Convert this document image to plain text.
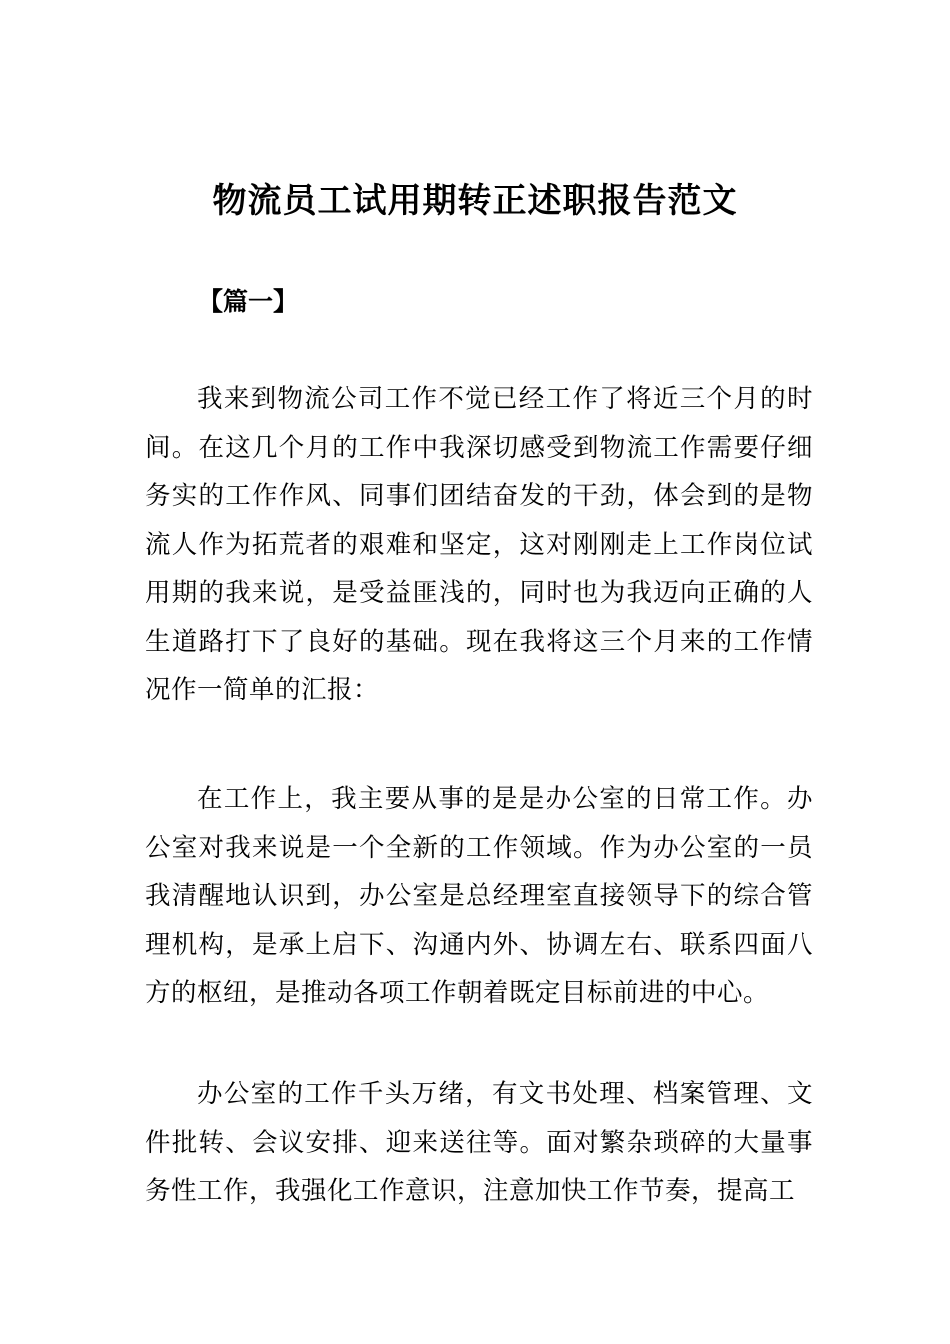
物流员工试用期转正述职报告范文
【篇一】

我来到物流公司工作不觉已经工作了将近三个月的时间。在这几个月的工作中我深切感受到物流工作需要仔细务实的工作作风、同事们团结奋发的干劲，体会到的是物流人作为拓荒者的艰难和坚定，这对刚刚走上工作岗位试用期的我来说，是受益匪浅的，同时也为我迈向正确的人生道路打下了良好的基础。现在我将这三个月来的工作情况作一简单的汇报：

在工作上，我主要从事的是是办公室的日常工作。办公室对我来说是一个全新的工作领域。作为办公室的一员我清醒地认识到，办公室是总经理室直接领导下的综合管理机构，是承上启下、沟通内外、协调左右、联系四面八方的枢纽，是推动各项工作朝着既定目标前进的中心。

办公室的工作千头万绪，有文书处理、档案管理、文件批转、会议安排、迎来送往等。面对繁杂琐碎的大量事务性工作，我强化工作意识，注意加快工作节奏，提高工
